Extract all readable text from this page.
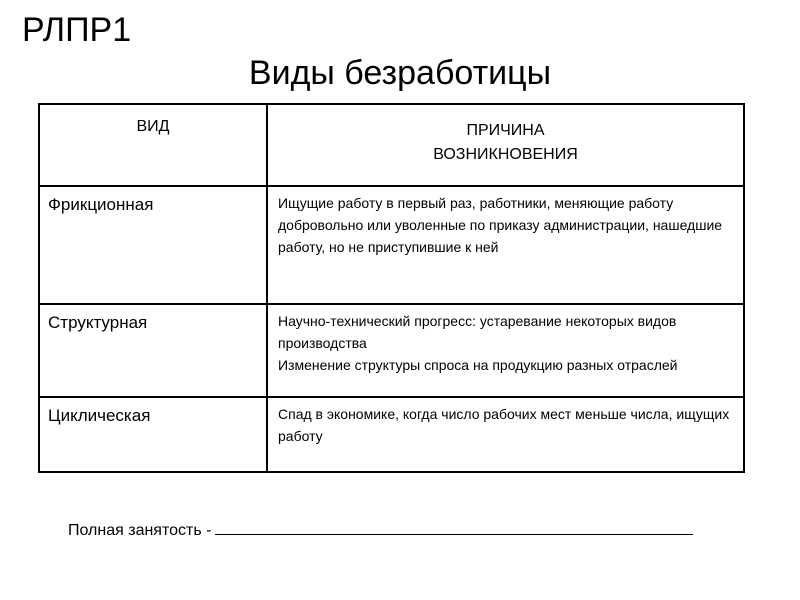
РЛПР1
Виды безработицы
ВИД	ПРИЧИНА
ВОЗНИКНОВЕНИЯ

Фрикционная	Ищущие работу в первый раз, работники, меняющие работу добровольно или уволенные по приказу администрации, нашедшие работу, но не приступившие к ней

Структурная	Научно-технический прогресс: устаревание некоторых видов производства
Изменение структуры спроса на продукцию разных отраслей

Циклическая	Спад в экономике, когда число рабочих мест меньше числа, ищущих работу
Полная занятость -
